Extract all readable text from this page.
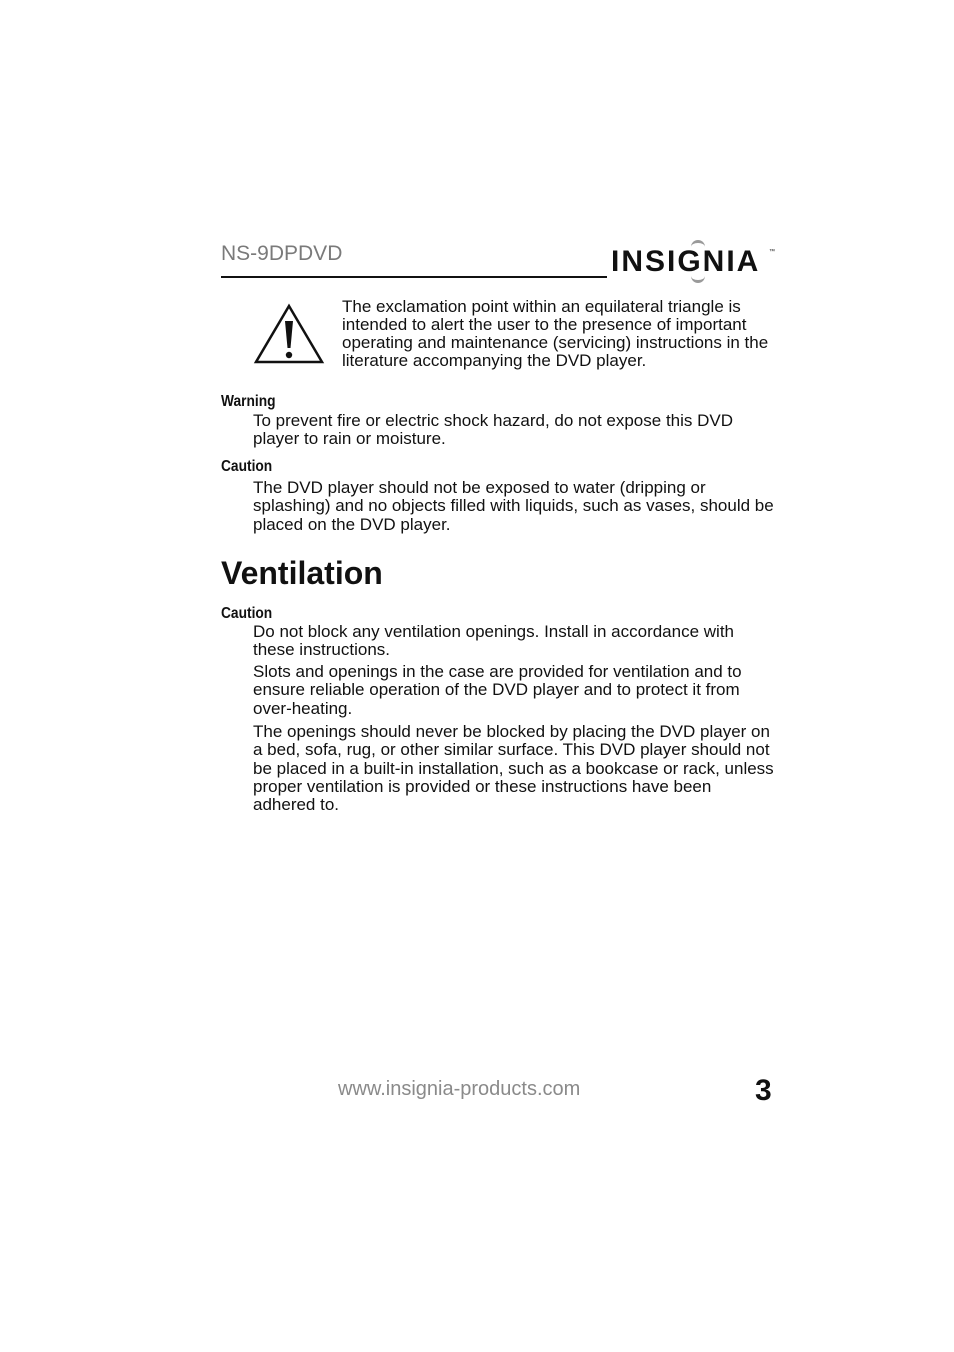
NS-9DPDVD	INSIGNIA ™
The exclamation point within an equilateral triangle is intended to alert the user to the presence of important operating and maintenance (servicing) instructions in the literature accompanying the DVD player.
Warning
To prevent fire or electric shock hazard, do not expose this DVD player to rain or moisture.
Caution
The DVD player should not be exposed to water (dripping or splashing) and no objects filled with liquids, such as vases, should be placed on the DVD player.
Ventilation
Caution
Do not block any ventilation openings. Install in accordance with these instructions.
Slots and openings in the case are provided for ventilation and to ensure reliable operation of the DVD player and to protect it from over-heating.
The openings should never be blocked by placing the DVD player on a bed, sofa, rug, or other similar surface. This DVD player should not be placed in a built-in installation, such as a bookcase or rack, unless proper ventilation is provided or these instructions have been adhered to.
www.insignia-products.com	3
